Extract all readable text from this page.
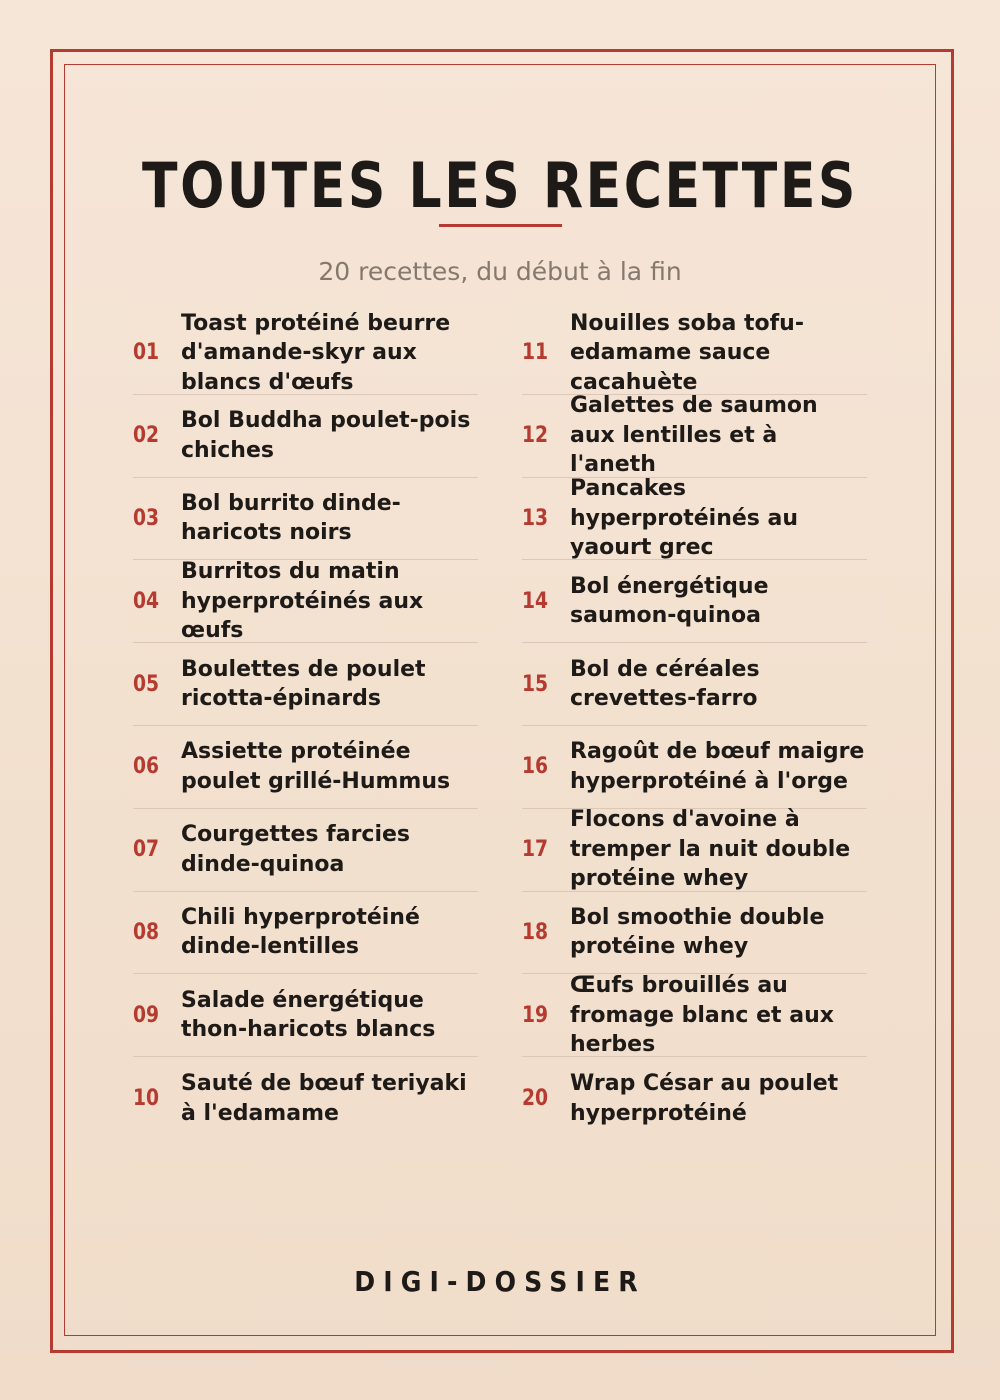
TOUTES LES RECETTES
20 recettes, du début à la fin
01
Toast protéiné beurre d'amande-skyr aux blancs d'œufs
02
Bol Buddha poulet-pois chiches
03
Bol burrito dinde-haricots noirs
04
Burritos du matin hyperprotéinés aux œufs
05
Boulettes de poulet ricotta-épinards
06
Assiette protéinée poulet grillé-Hummus
07
Courgettes farcies dinde-quinoa
08
Chili hyperprotéiné dinde-lentilles
09
Salade énergétique thon-haricots blancs
10
Sauté de bœuf teriyaki à l'edamame
11
Nouilles soba tofu-edamame sauce cacahuète
12
Galettes de saumon aux lentilles et à l'aneth
13
Pancakes hyperprotéinés au yaourt grec
14
Bol énergétique saumon-quinoa
15
Bol de céréales crevettes-farro
16
Ragoût de bœuf maigre hyperprotéiné à l'orge
17
Flocons d'avoine à tremper la nuit double protéine whey
18
Bol smoothie double protéine whey
19
Œufs brouillés au fromage blanc et aux herbes
20
Wrap César au poulet hyperprotéiné
DIGI-DOSSIER
